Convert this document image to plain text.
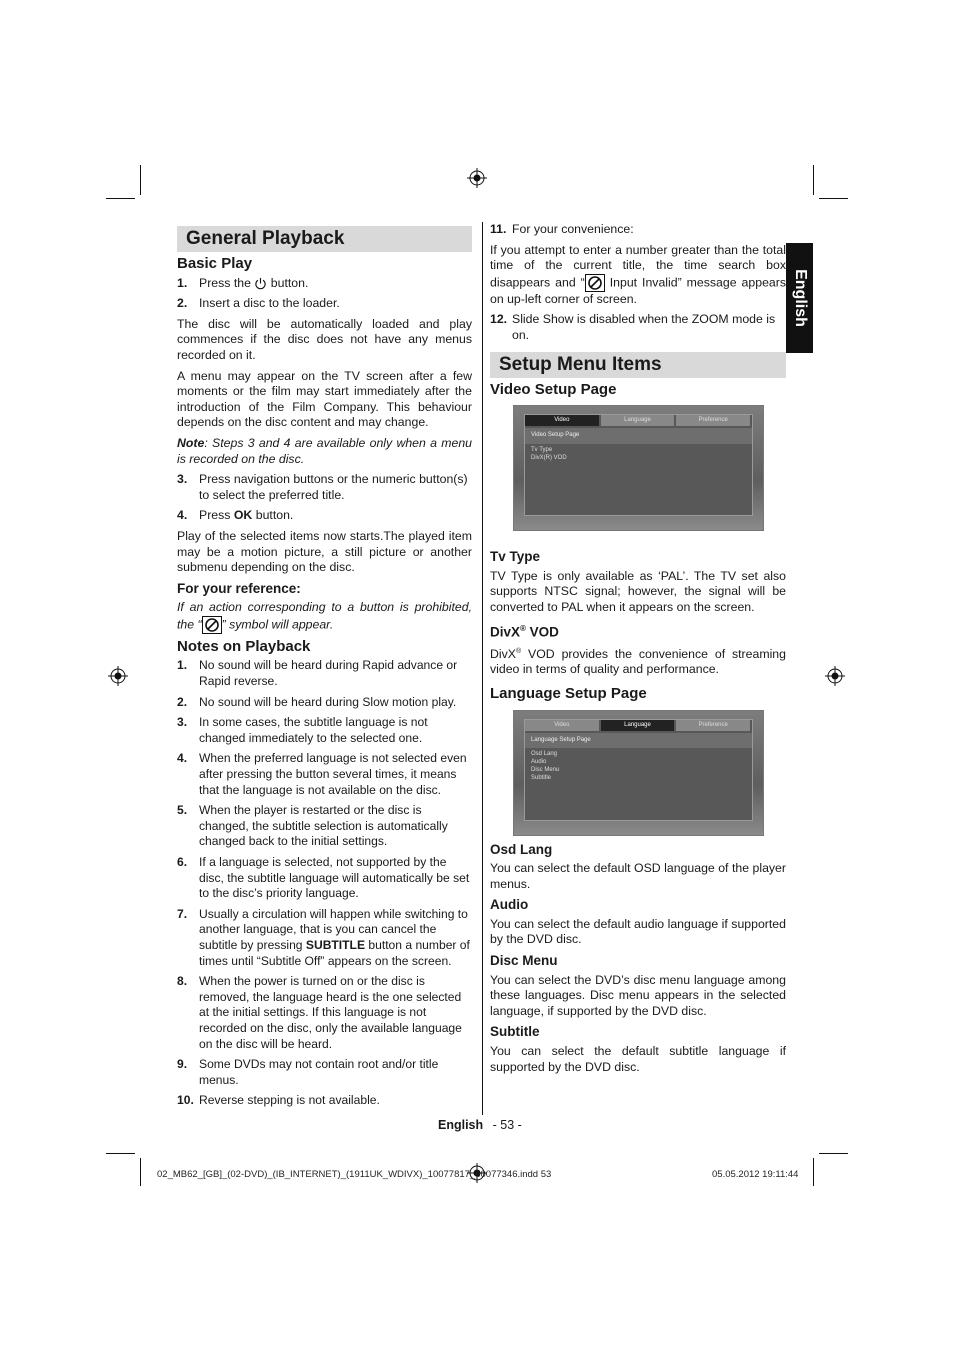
English
General Playback
Basic Play
1. Press the  button.
2. Insert a disc to the loader.

The disc will be automatically loaded and play commences if the disc does not have any menus recorded on it.

A menu may appear on the TV screen after a few moments or the film may start immediately after the introduction of the Film Company. This behaviour depends on the disc content and may change.

Note: Steps 3 and 4 are available only when a menu is recorded on the disc.

3. Press navigation buttons or the numeric button(s) to select the preferred title.
4. Press OK button.

Play of the selected items now starts.The played item may be a motion picture, a still picture or another submenu depending on the disc.

For your reference:

If an action corresponding to a button is prohibited, the “ ” symbol will appear.

Notes on Playback
1. No sound will be heard during Rapid advance or Rapid reverse.
2. No sound will be heard during Slow motion play.
3. In some cases, the subtitle language is not changed immediately to the selected one.
4. When the preferred language is not selected even after pressing the button several times, it means that the language is not available on the disc.
5. When the player is restarted or the disc is changed, the subtitle selection is automatically changed back to the initial settings.
6. If a language is selected, not supported by the disc, the subtitle language will automatically be set to the disc’s priority language.
7. Usually a circulation will happen while switching to another language, that is you can cancel the subtitle by pressing SUBTITLE button a number of times until “Subtitle Off” appears on the screen.
8. When the power is turned on or the disc is removed, the language heard is the one selected at the initial settings. If this language is not recorded on the disc, only the available language on the disc will be heard.
9. Some DVDs may not contain root and/or title menus.
10. Reverse stepping is not available.
11. For your convenience:

If you attempt to enter a number greater than the total time of the current title, the time search box disappears and “ Input Invalid” message appears on up-left corner of screen.

12. Slide Show is disabled when the ZOOM mode is on.
Setup Menu Items
Video Setup Page
Video	Language	Preference
Video Setup Page
Tv Type
DivX(R) VOD
Tv Type

TV Type is only available as ‘PAL’. The TV set also supports NTSC signal; however, the signal will be converted to PAL when it appears on the screen.

DivX® VOD

DivX® VOD provides the convenience of streaming video in terms of quality and performance.

Language Setup Page
Video	Language	Preference
Language Setup Page
Osd Lang
Audio
Disc Menu
Subtitle
Osd Lang

You can select the default OSD language of the player menus.

Audio

You can select the default audio language if supported by the DVD disc.

Disc Menu

You can select the DVD’s disc menu language among these languages. Disc menu appears in the selected language, if supported by the DVD disc.

Subtitle

You can select the default subtitle language if supported by the DVD disc.

English - 53 -
02_MB62_[GB]_(02-DVD)_(IB_INTERNET)_(1911UK_WDIVX)_10077817_50077346.indd 53	05.05.2012 19:11:44
